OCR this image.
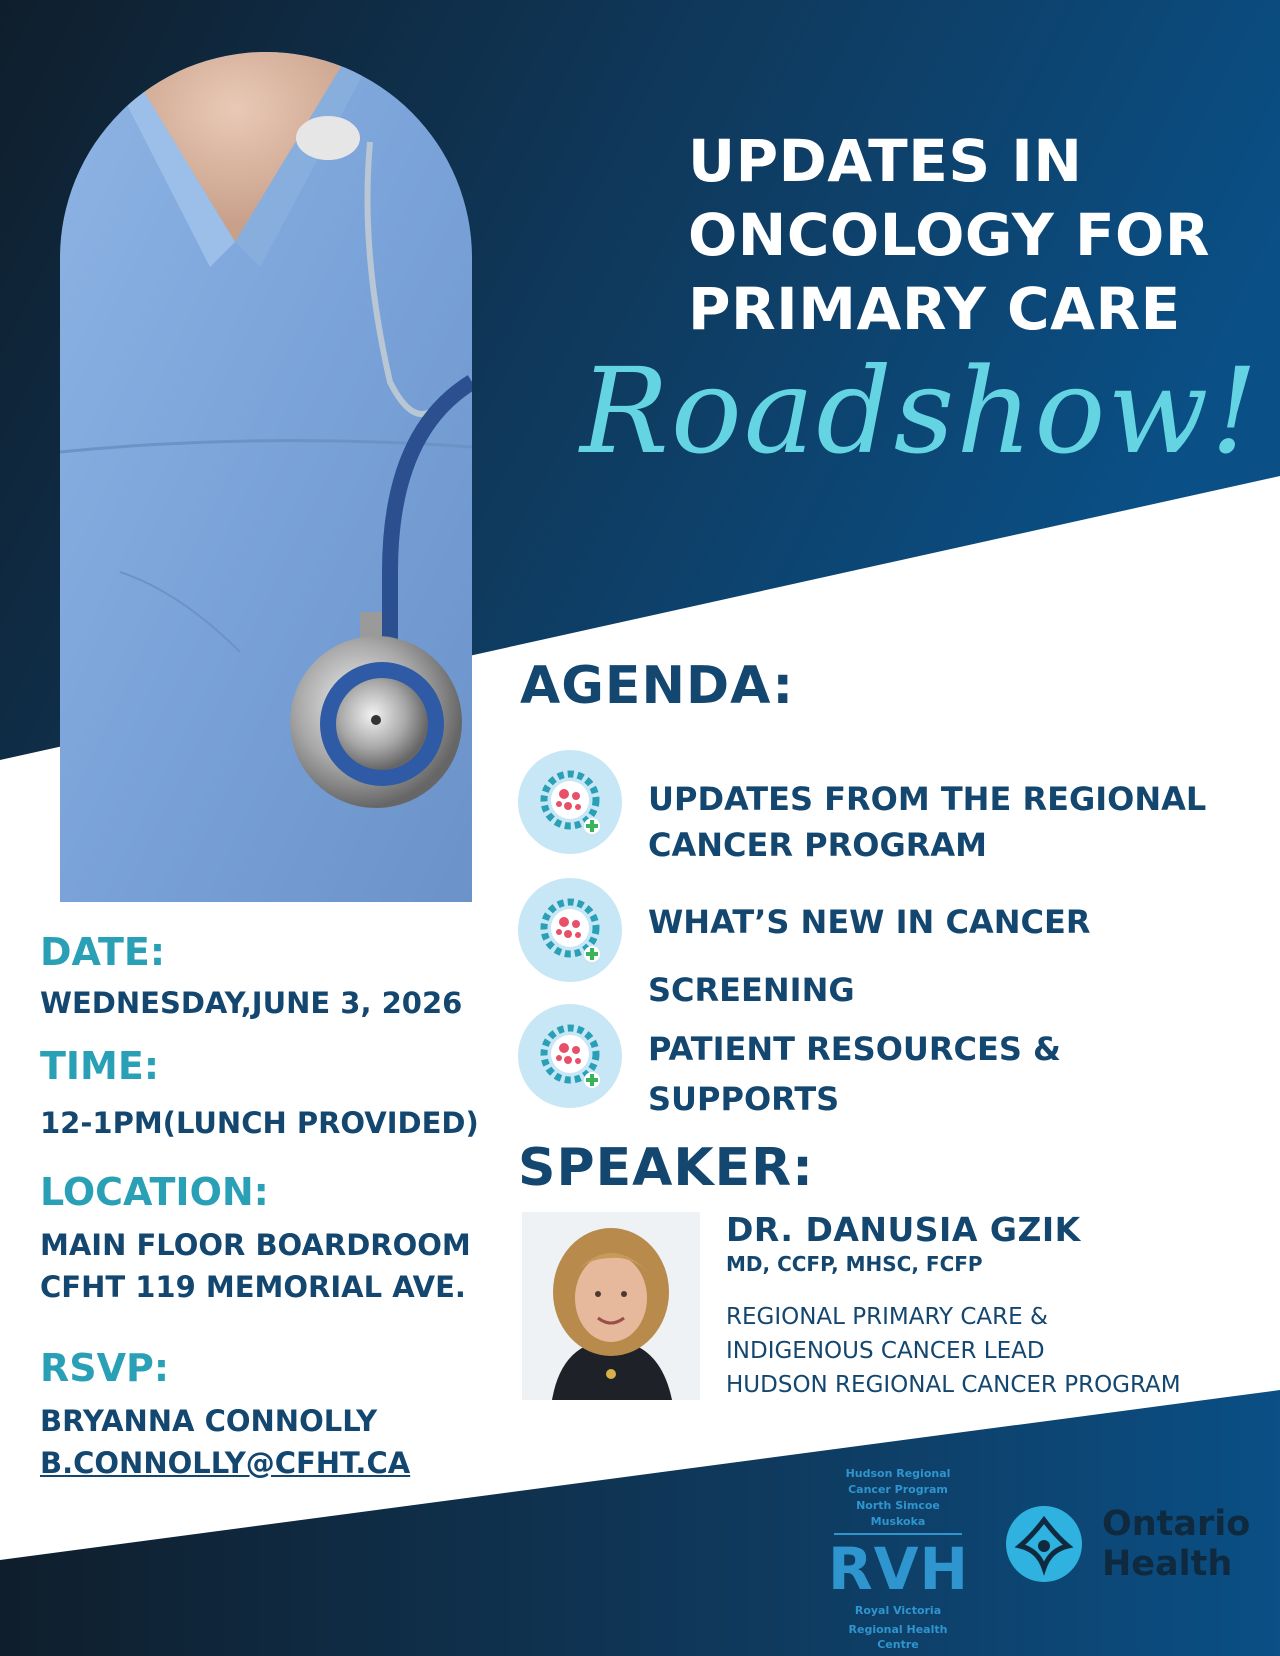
UPDATES IN
ONCOLOGY FOR
PRIMARY CARE
Roadshow!
AGENDA:
UPDATES FROM THE REGIONAL
CANCER PROGRAM
WHAT’S NEW IN CANCER
SCREENING
PATIENT RESOURCES &
SUPPORTS
SPEAKER:
DR. DANUSIA GZIK
MD, CCFP, MHSC, FCFP
REGIONAL PRIMARY CARE &
INDIGENOUS CANCER LEAD
HUDSON REGIONAL CANCER PROGRAM
DATE:
WEDNESDAY,JUNE 3, 2026
TIME:
12-1PM(LUNCH PROVIDED)
LOCATION:
MAIN FLOOR BOARDROOM
CFHT 119 MEMORIAL AVE.
RSVP:
BRYANNA CONNOLLY
B.CONNOLLY@CFHT.CA	Hudson Regional
Cancer Program
North Simcoe Muskoka
RVH
Royal Victoria
Regional Health Centre
Ontario
Health
